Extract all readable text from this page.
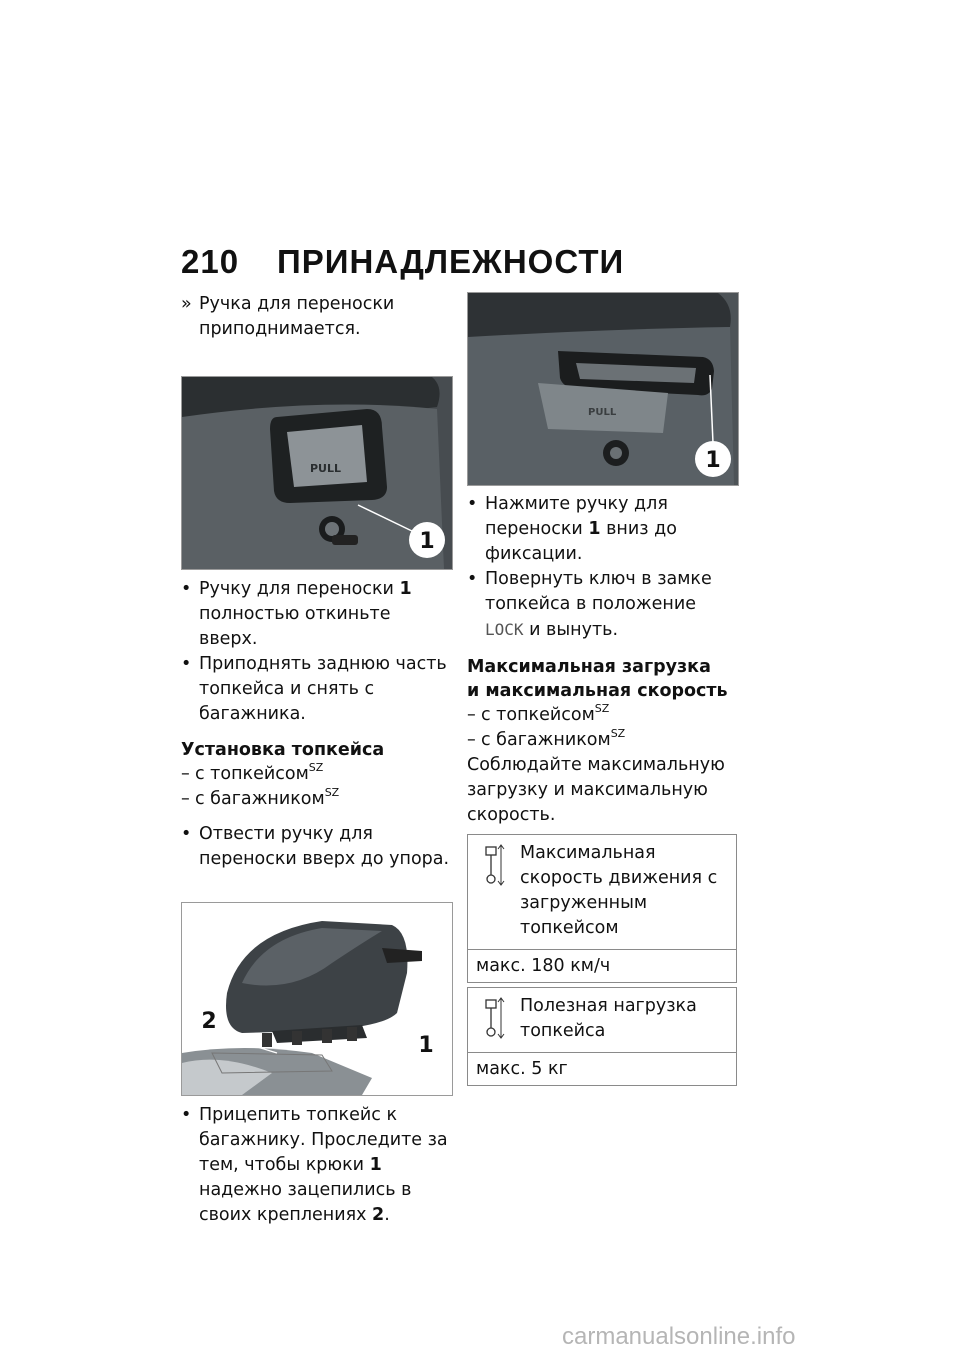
210 ПРИНАДЛЕЖНОСТИ
» Ручка для переноски приподнимается.
PULL
1
• Ручку для переноски 1 полностью откиньте вверх.
• Приподнять заднюю часть топкейса и снять с багажника.
Установка топкейса
– с топкейсом$^{SZ}$
– с багажником$^{SZ}$
• Отвести ручку для переноски вверх до упора.
2
1
• Прицепить топкейс к багажнику. Проследите за тем, чтобы крюки 1 надежно зацепились в своих креплениях 2.
PULL
1
• Нажмите ручку для переноски 1 вниз до фиксации.
• Повернуть ключ в замке топкейса в положение LOCK и вынуть.
Максимальная загрузка
и максимальная скорость
– с топкейсом$^{SZ}$
– с багажником$^{SZ}$
Соблюдайте максимальную загрузку и максимальную скорость.
Максимальная скорость движения с загруженным топкейсом
макс. 180 км/ч
Полезная нагрузка топкейса
макс. 5 кг
carmanualsonline.info
